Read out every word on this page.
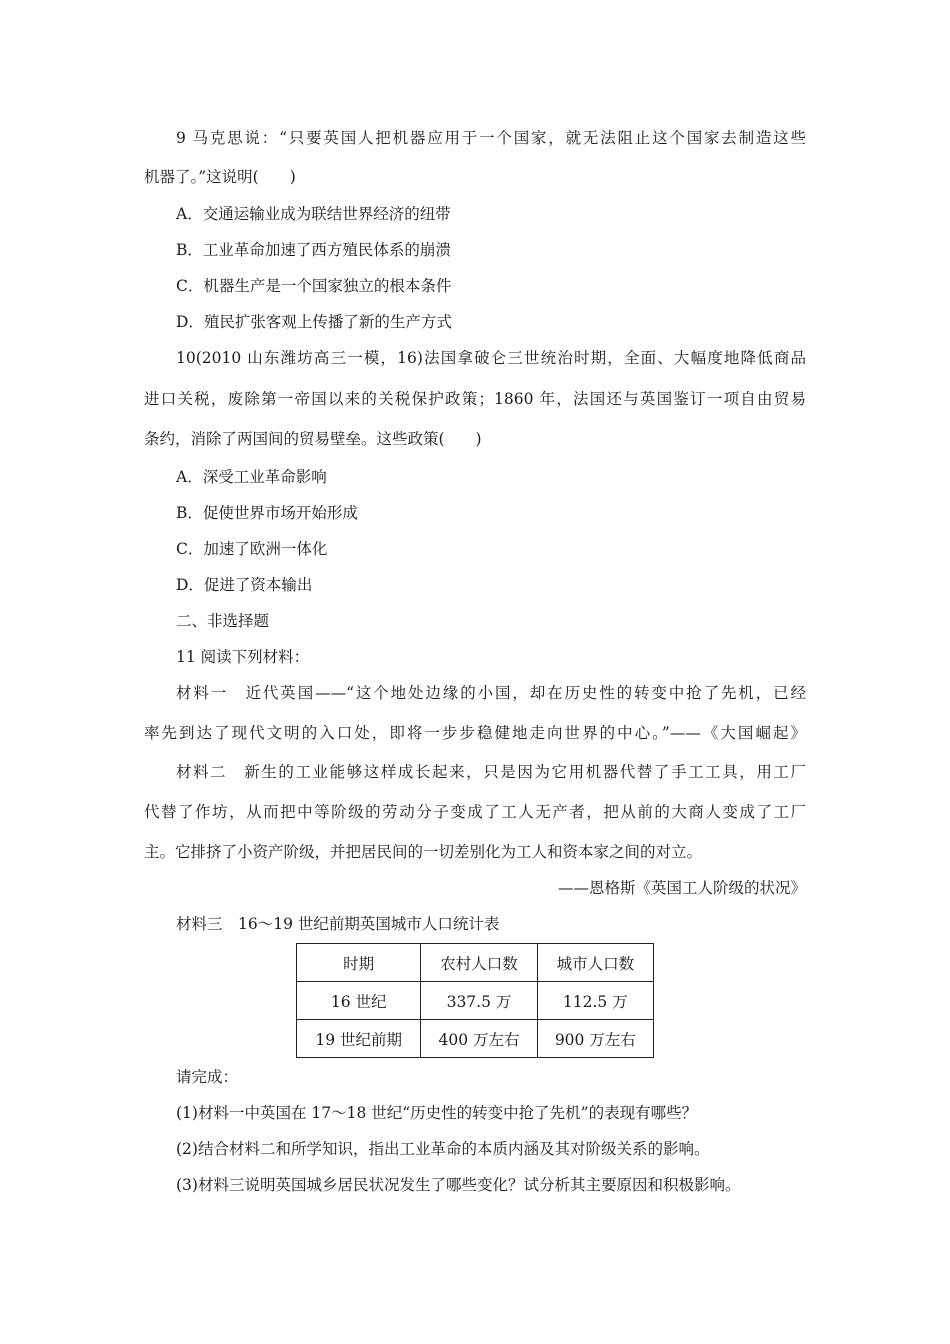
9 马克思说：“只要英国人把机器应用于一个国家，就无法阻止这个国家去制造这些
机器了。”这说明(　　)
A．交通运输业成为联结世界经济的纽带
B．工业革命加速了西方殖民体系的崩溃
C．机器生产是一个国家独立的根本条件
D．殖民扩张客观上传播了新的生产方式
10(2010 山东潍坊高三一模，16)法国拿破仑三世统治时期，全面、大幅度地降低商品
进口关税，废除第一帝国以来的关税保护政策；1860 年，法国还与英国鉴订一项自由贸易
条约，消除了两国间的贸易壁垒。这些政策(　　)
A．深受工业革命影响
B．促使世界市场开始形成
C．加速了欧洲一体化
D．促进了资本输出
二、非选择题
11 阅读下列材料：
材料一　近代英国——“这个地处边缘的小国，却在历史性的转变中抢了先机，已经
率先到达了现代文明的入口处，即将一步步稳健地走向世界的中心。”——《大国崛起》
材料二　新生的工业能够这样成长起来，只是因为它用机器代替了手工工具，用工厂
代替了作坊，从而把中等阶级的劳动分子变成了工人无产者，把从前的大商人变成了工厂
主。它排挤了小资产阶级，并把居民间的一切差别化为工人和资本家之间的对立。
——恩格斯《英国工人阶级的状况》
材料三　16～19 世纪前期英国城市人口统计表
时期	农村人口数	城市人口数
16 世纪	337.5 万	112.5 万
19 世纪前期	400 万左右	900 万左右
请完成：
(1)材料一中英国在 17～18 世纪“历史性的转变中抢了先机”的表现有哪些？
(2)结合材料二和所学知识，指出工业革命的本质内涵及其对阶级关系的影响。
(3)材料三说明英国城乡居民状况发生了哪些变化？试分析其主要原因和积极影响。
